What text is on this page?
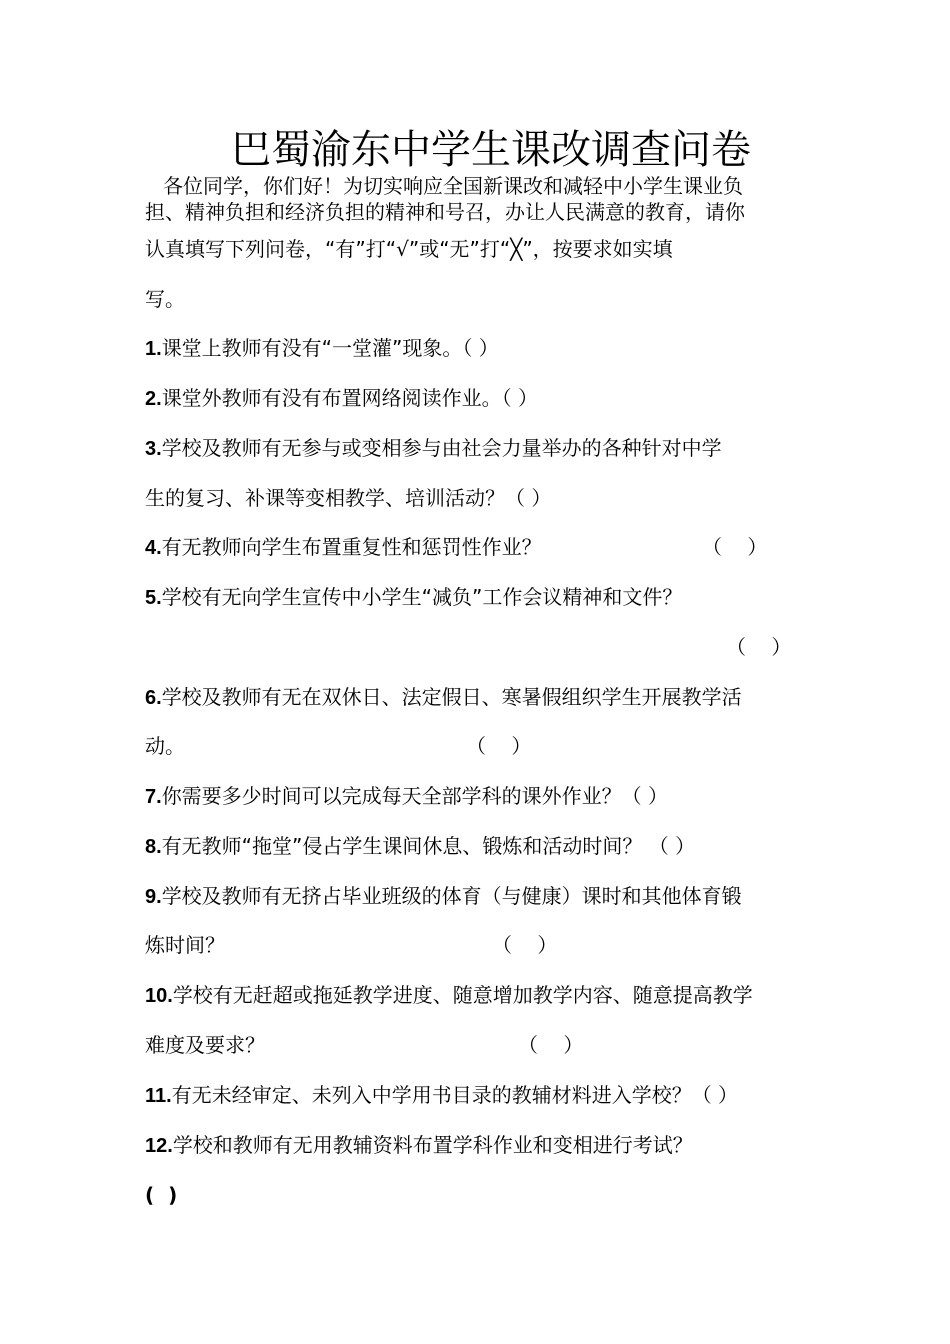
巴蜀渝东中学生课改调查问卷
各位同学，你们好！为切实响应全国新课改和减轻中小学生课业负
担、精神负担和经济负担的精神和号召，办让人民满意的教育，请你
认真填写下列问卷，“有”打“√”或“无”打“╳”，按要求如实填
写。
1.课堂上教师有没有“一堂灌”现象。（ ）
2.课堂外教师有没有布置网络阅读作业。（ ）
3.学校及教师有无参与或变相参与由社会力量举办的各种针对中学
生的复习、补课等变相教学、培训活动？（ ）
4.有无教师向学生布置重复性和惩罚性作业？	（    ）
5.学校有无向学生宣传中小学生“减负”工作会议精神和文件？
（    ）
6.学校及教师有无在双休日、法定假日、寒暑假组织学生开展教学活
动。	（    ）
7.你需要多少时间可以完成每天全部学科的课外作业？（ ）
8.有无教师“拖堂”侵占学生课间休息、锻炼和活动时间？ （ ）
9.学校及教师有无挤占毕业班级的体育（与健康）课时和其他体育锻
炼时间？	（    ）
10.学校有无赶超或拖延教学进度、随意增加教学内容、随意提高教学
难度及要求？	（    ）
11.有无未经审定、未列入中学用书目录的教辅材料进入学校？（ ）
12.学校和教师有无用教辅资料布置学科作业和变相进行考试？
(  )
